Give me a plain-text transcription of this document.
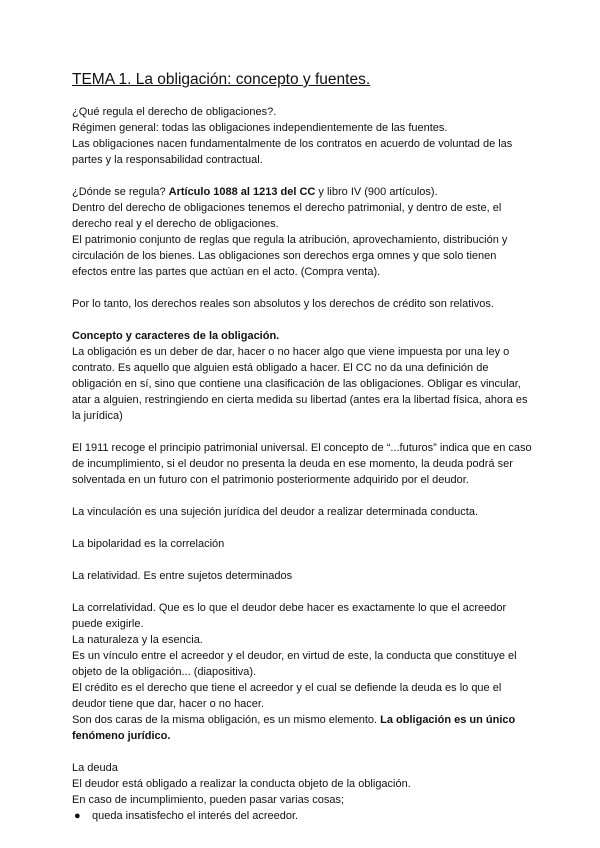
TEMA 1. La obligación: concepto y fuentes.

¿Qué regula el derecho de obligaciones?.

Régimen general: todas las obligaciones independientemente de las fuentes.

Las obligaciones nacen fundamentalmente de los contratos en acuerdo de voluntad de las partes y la responsabilidad contractual.

¿Dónde se regula? Artículo 1088 al 1213 del CC y libro IV (900 artículos).

Dentro del derecho de obligaciones tenemos el derecho patrimonial, y dentro de este, el derecho real y el derecho de obligaciones.

El patrimonio conjunto de reglas que regula la atribución, aprovechamiento, distribución y circulación de los bienes. Las obligaciones son derechos erga omnes y que solo tienen efectos entre las partes que actúan en el acto. (Compra venta).

Por lo tanto, los derechos reales son absolutos y los derechos de crédito son relativos.

Concepto y caracteres de la obligación.

La obligación es un deber de dar, hacer o no hacer algo que viene impuesta por una ley o contrato. Es aquello que alguien está obligado a hacer. El CC no da una definición de obligación en sí, sino que contiene una clasificación de las obligaciones. Obligar es vincular, atar a alguien, restringiendo en cierta medida su libertad (antes era la libertad física, ahora es la jurídica)

El 1911 recoge el principio patrimonial universal. El concepto de “...futuros” indica que en caso de incumplimiento, si el deudor no presenta la deuda en ese momento, la deuda podrá ser solventada en un futuro con el patrimonio posteriormente adquirido por el deudor.

La vinculación es una sujeción jurídica del deudor a realizar determinada conducta.

La bipolaridad es la correlación

La relatividad. Es entre sujetos determinados

La correlatividad. Que es lo que el deudor debe hacer es exactamente lo que el acreedor puede exigirle.

La naturaleza y la esencia.

Es un vínculo entre el acreedor y el deudor, en virtud de este, la conducta que constituye el objeto de la obligación... (diapositiva).

El crédito es el derecho que tiene el acreedor y el cual se defiende la deuda es lo que el deudor tiene que dar, hacer o no hacer.

Son dos caras de la misma obligación, es un mismo elemento. La obligación es un único fenómeno jurídico.

La deuda

El deudor está obligado a realizar la conducta objeto de la obligación.

En caso de incumplimiento, pueden pasar varias cosas;

● queda insatisfecho el interés del acreedor.
